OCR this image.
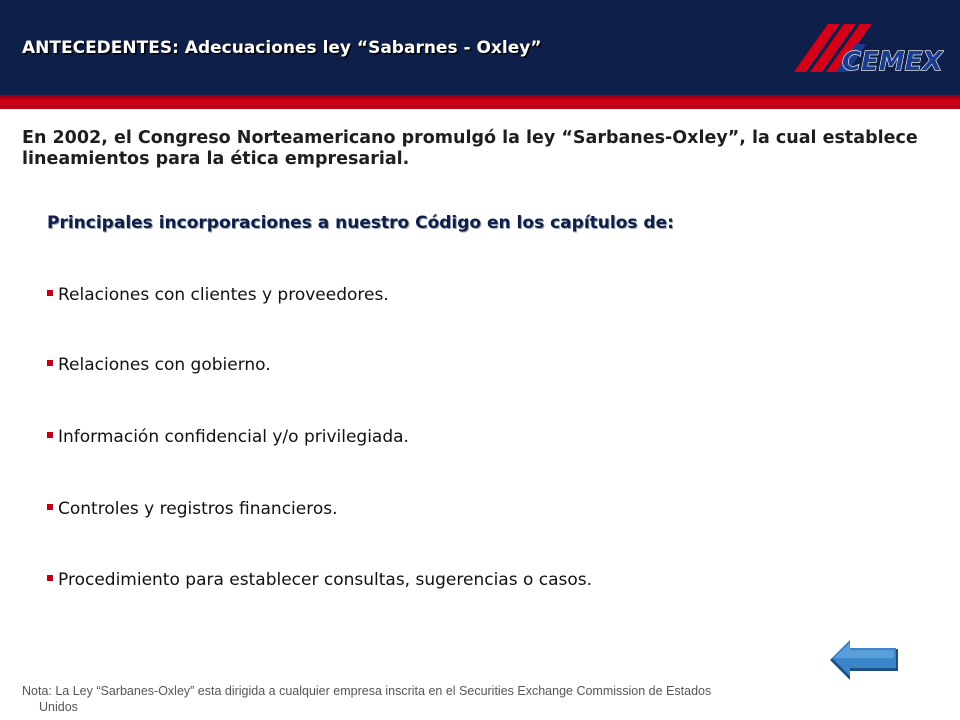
ANTECEDENTES: Adecuaciones ley “Sabarnes - Oxley”	CEMEX
En 2002, el Congreso Norteamericano promulgó la ley “Sarbanes-Oxley”, la cual establece lineamientos para la ética empresarial.
Principales incorporaciones a nuestro Código en los capítulos de:
Relaciones con clientes y proveedores.
Relaciones con gobierno.
Información confidencial y/o privilegiada.
Controles y registros financieros.
Procedimiento para establecer consultas, sugerencias o casos.
Nota: La Ley “Sarbanes-Oxley” esta dirigida a cualquier empresa inscrita en el Securities Exchange Commission de Estados
Unidos
